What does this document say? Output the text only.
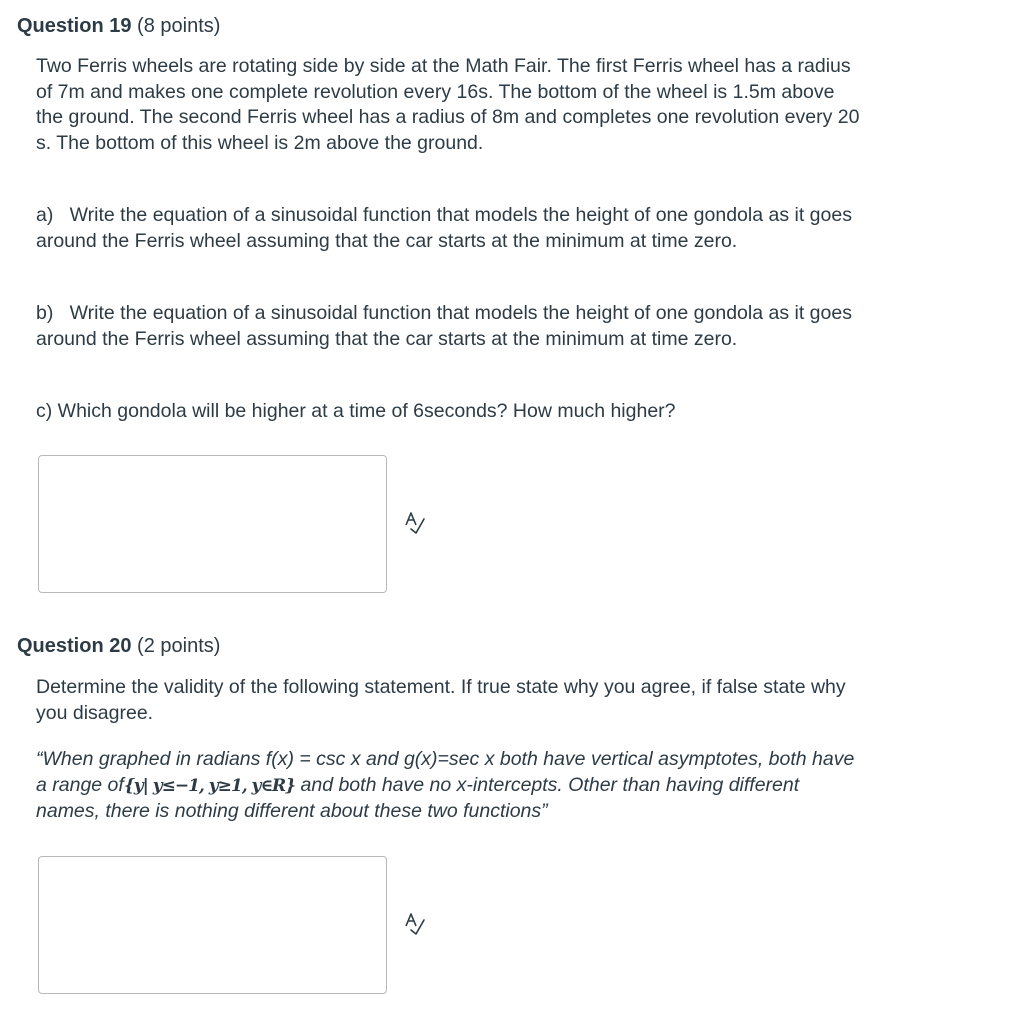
Question 19 (8 points)

Two Ferris wheels are rotating side by side at the Math Fair. The first Ferris wheel has a radius of 7m and makes one complete revolution every 16s. The bottom of the wheel is 1.5m above the ground. The second Ferris wheel has a radius of 8m and completes one revolution every 20 s. The bottom of this wheel is 2m above the ground.

a) Write the equation of a sinusoidal function that models the height of one gondola as it goes around the Ferris wheel assuming that the car starts at the minimum at time zero.

b) Write the equation of a sinusoidal function that models the height of one gondola as it goes around the Ferris wheel assuming that the car starts at the minimum at time zero.

c) Which gondola will be higher at a time of 6seconds? How much higher?

Question 20 (2 points)

Determine the validity of the following statement. If true state why you agree, if false state why you disagree.

“When graphed in radians f(x) = csc x and g(x)=sec x both have vertical asymptotes, both have a range of{y| y≤−1, y≥1, y∈R} and both have no x-intercepts. Other than having different names, there is nothing different about these two functions”
